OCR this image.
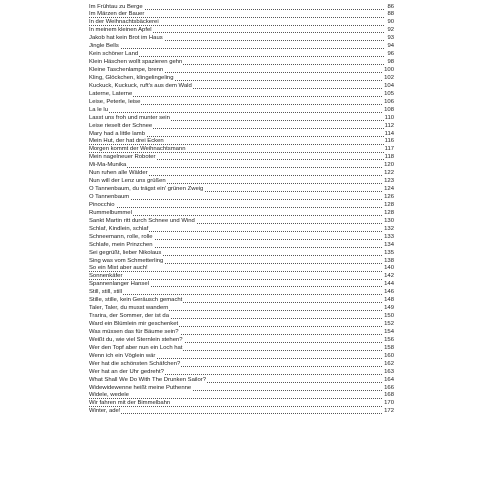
Im Frühtau zu Berge	86
Im Märzen der Bauer	88
In der Weihnachtsbäckerei	90
In meinem kleinen Apfel	92
Jakob hat kein Brot im Haus	93
Jingle Bells	94
Kein schöner Land	96
Klein Häschen wollt spazieren gehn	98
Kleine Taschenlampe, brenn	100
Kling, Glöckchen, klingelingeling	102
Kuckuck, Kuckuck, ruft's aus dem Wald	104
Laterne, Laterne	105
Leise, Peterle, leise	106
La le lu	108
Lasst uns froh und munter sein	110
Leise rieselt der Schnee	112
Mary had a little lamb	114
Mein Hut, der hat drei Ecken	116
Morgen kommt der Weihnachtsmann	117
Mein nagelneuer Roboter	118
Mi-Ma-Munika	120
Nun ruhen alle Wälder	122
Nun will der Lenz uns grüßen	123
O Tannenbaum, du trägst ein' grünen Zweig	124
O Tannenbaum	126
Pinocchio	128
Rummelbummel	128
Sankt Martin ritt durch Schnee und Wind	130
Schlaf, Kindlein, schlaf	132
Schneemann, rolle, rolle	133
Schlafe, mein Prinzchen	134
Sei gegrüßt, lieber Nikolaus	135
Sing was vom Schmetterling	138
So ein Mist aber auch!	140
Sonnenkäfer	142
Spannenlanger Hansel	144
Still, still, still	146
Stille, stille, kein Geräusch gemacht	148
Taler, Taler, du musst wandern	149
Trarira, der Sommer, der ist da	150
Ward ein Blümlein mir geschenket	152
Was müssen das für Bäume sein?	154
Weißt du, wie viel Sternlein stehen?	156
Wer den Topf aber nun ein Loch hat	158
Wenn ich ein Vöglein wär	160
Wer hat die schönsten Schäfchen?	162
Wer hat an der Uhr gedreht?	163
What Shall We Do With The Drunken Sailor?	164
Widewidewenne heißt meine Puthenne	166
Widele, wedele	168
Wir fahren mit der Bimmelbahn	170
Winter, ade!	172
